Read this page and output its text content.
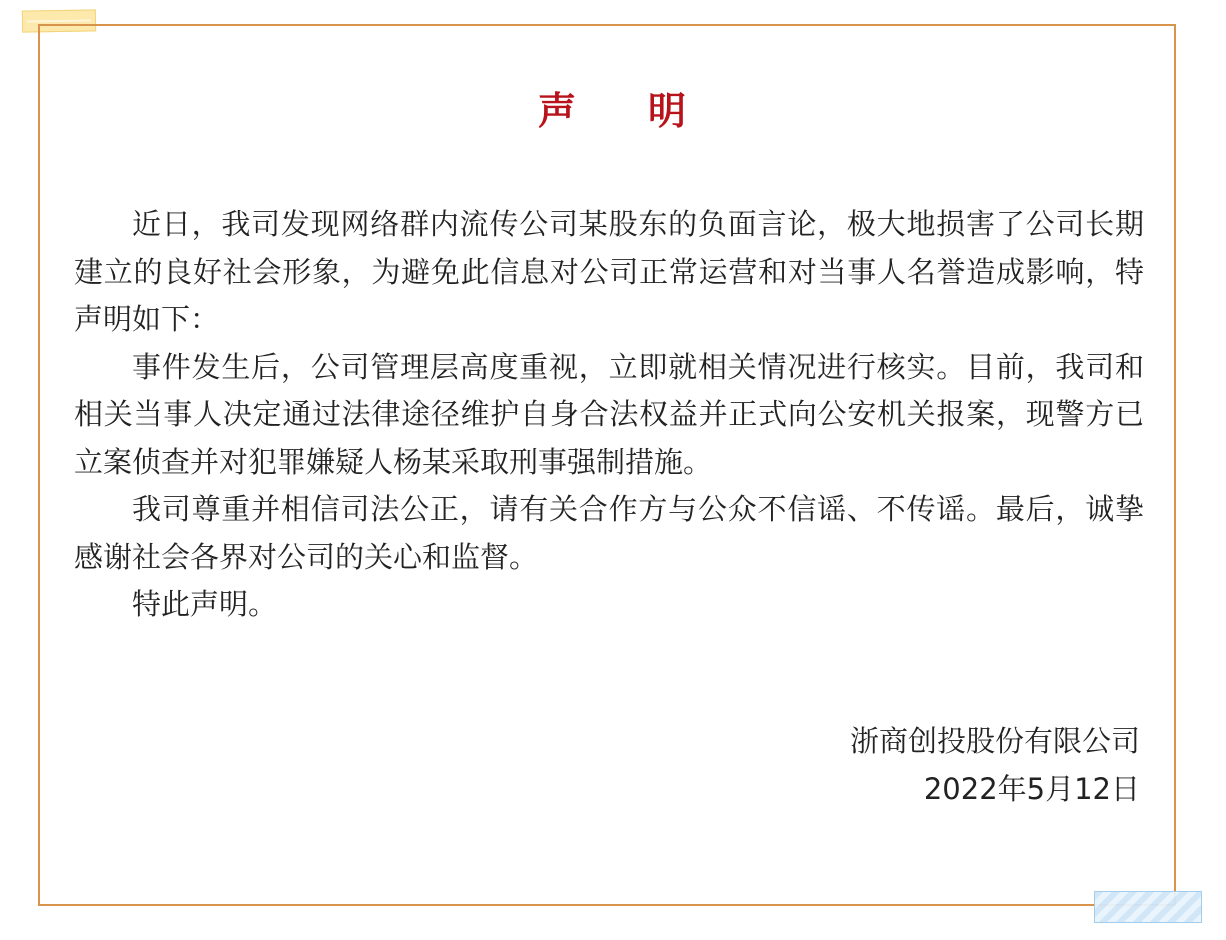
声 明

近日，我司发现网络群内流传公司某股东的负面言论，极大地损害了公司长期建立的良好社会形象，为避免此信息对公司正常运营和对当事人名誉造成影响，特声明如下：

事件发生后，公司管理层高度重视，立即就相关情况进行核实。目前，我司和相关当事人决定通过法律途径维护自身合法权益并正式向公安机关报案，现警方已立案侦查并对犯罪嫌疑人杨某采取刑事强制措施。

我司尊重并相信司法公正，请有关合作方与公众不信谣、不传谣。最后，诚挚感谢社会各界对公司的关心和监督。

特此声明。

浙商创投股份有限公司
2022年5月12日
